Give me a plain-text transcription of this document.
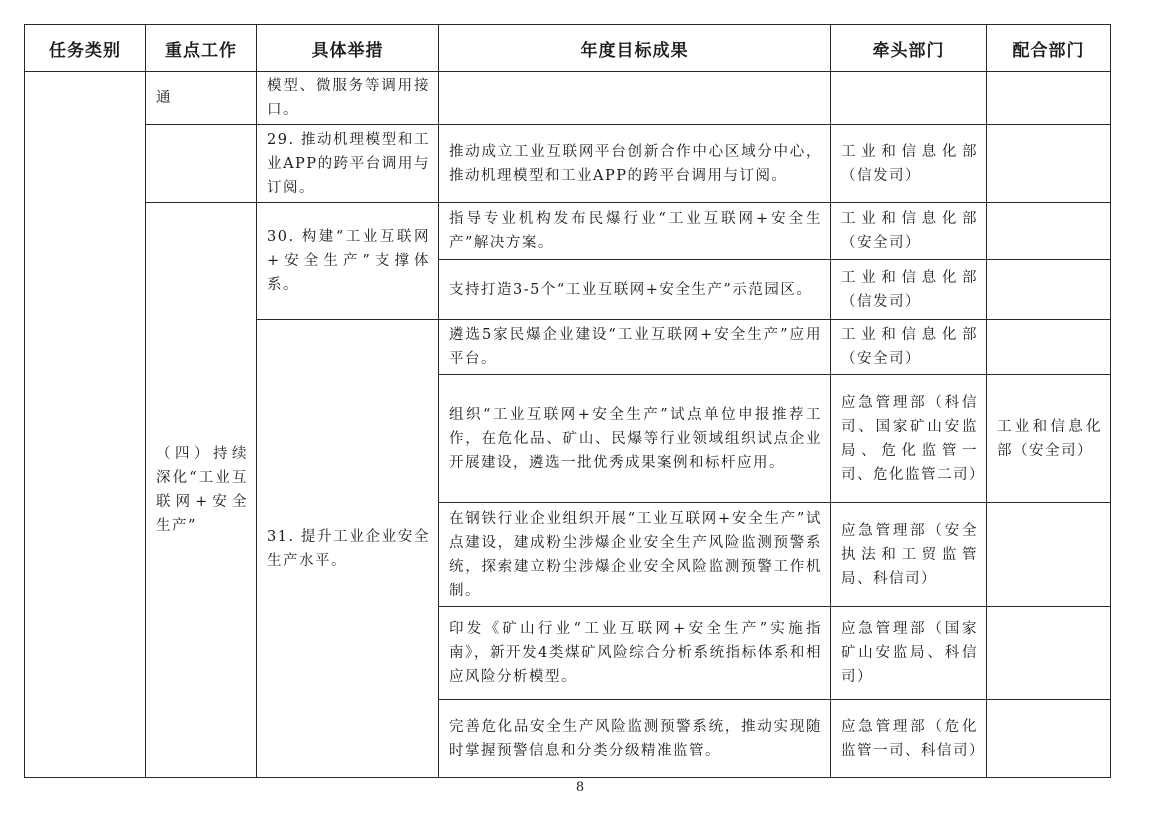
任务类别	重点工作	具体举措	年度目标成果	牵头部门	配合部门
	通	模型、微服务等调用接口。			
		29. 推动机理模型和工业APP的跨平台调用与订阅。	推动成立工业互联网平台创新合作中心区域分中心，推动机理模型和工业APP的跨平台调用与订阅。	工业和信息化部（信发司）	
	（四）持续深化“工业互联网+安全生产”	30. 构建“工业互联网+安全生产”支撑体系。	指导专业机构发布民爆行业“工业互联网+安全生产”解决方案。	工业和信息化部（安全司）	
			支持打造3-5个“工业互联网+安全生产”示范园区。	工业和信息化部（信发司）	
		31. 提升工业企业安全生产水平。	遴选5家民爆企业建设“工业互联网+安全生产”应用平台。	工业和信息化部（安全司）	
			组织“工业互联网+安全生产”试点单位申报推荐工作，在危化品、矿山、民爆等行业领域组织试点企业开展建设，遴选一批优秀成果案例和标杆应用。	应急管理部（科信司、国家矿山安监局、危化监管一司、危化监管二司）	工业和信息化部（安全司）
			在钢铁行业企业组织开展“工业互联网+安全生产”试点建设，建成粉尘涉爆企业安全生产风险监测预警系统，探索建立粉尘涉爆企业安全风险监测预警工作机制。	应急管理部（安全执法和工贸监管局、科信司）	
			印发《矿山行业“工业互联网+安全生产”实施指南》，新开发4类煤矿风险综合分析系统指标体系和相应风险分析模型。	应急管理部（国家矿山安监局、科信司）	
			完善危化品安全生产风险监测预警系统，推动实现随时掌握预警信息和分类分级精准监管。	应急管理部（危化监管一司、科信司）	
8
